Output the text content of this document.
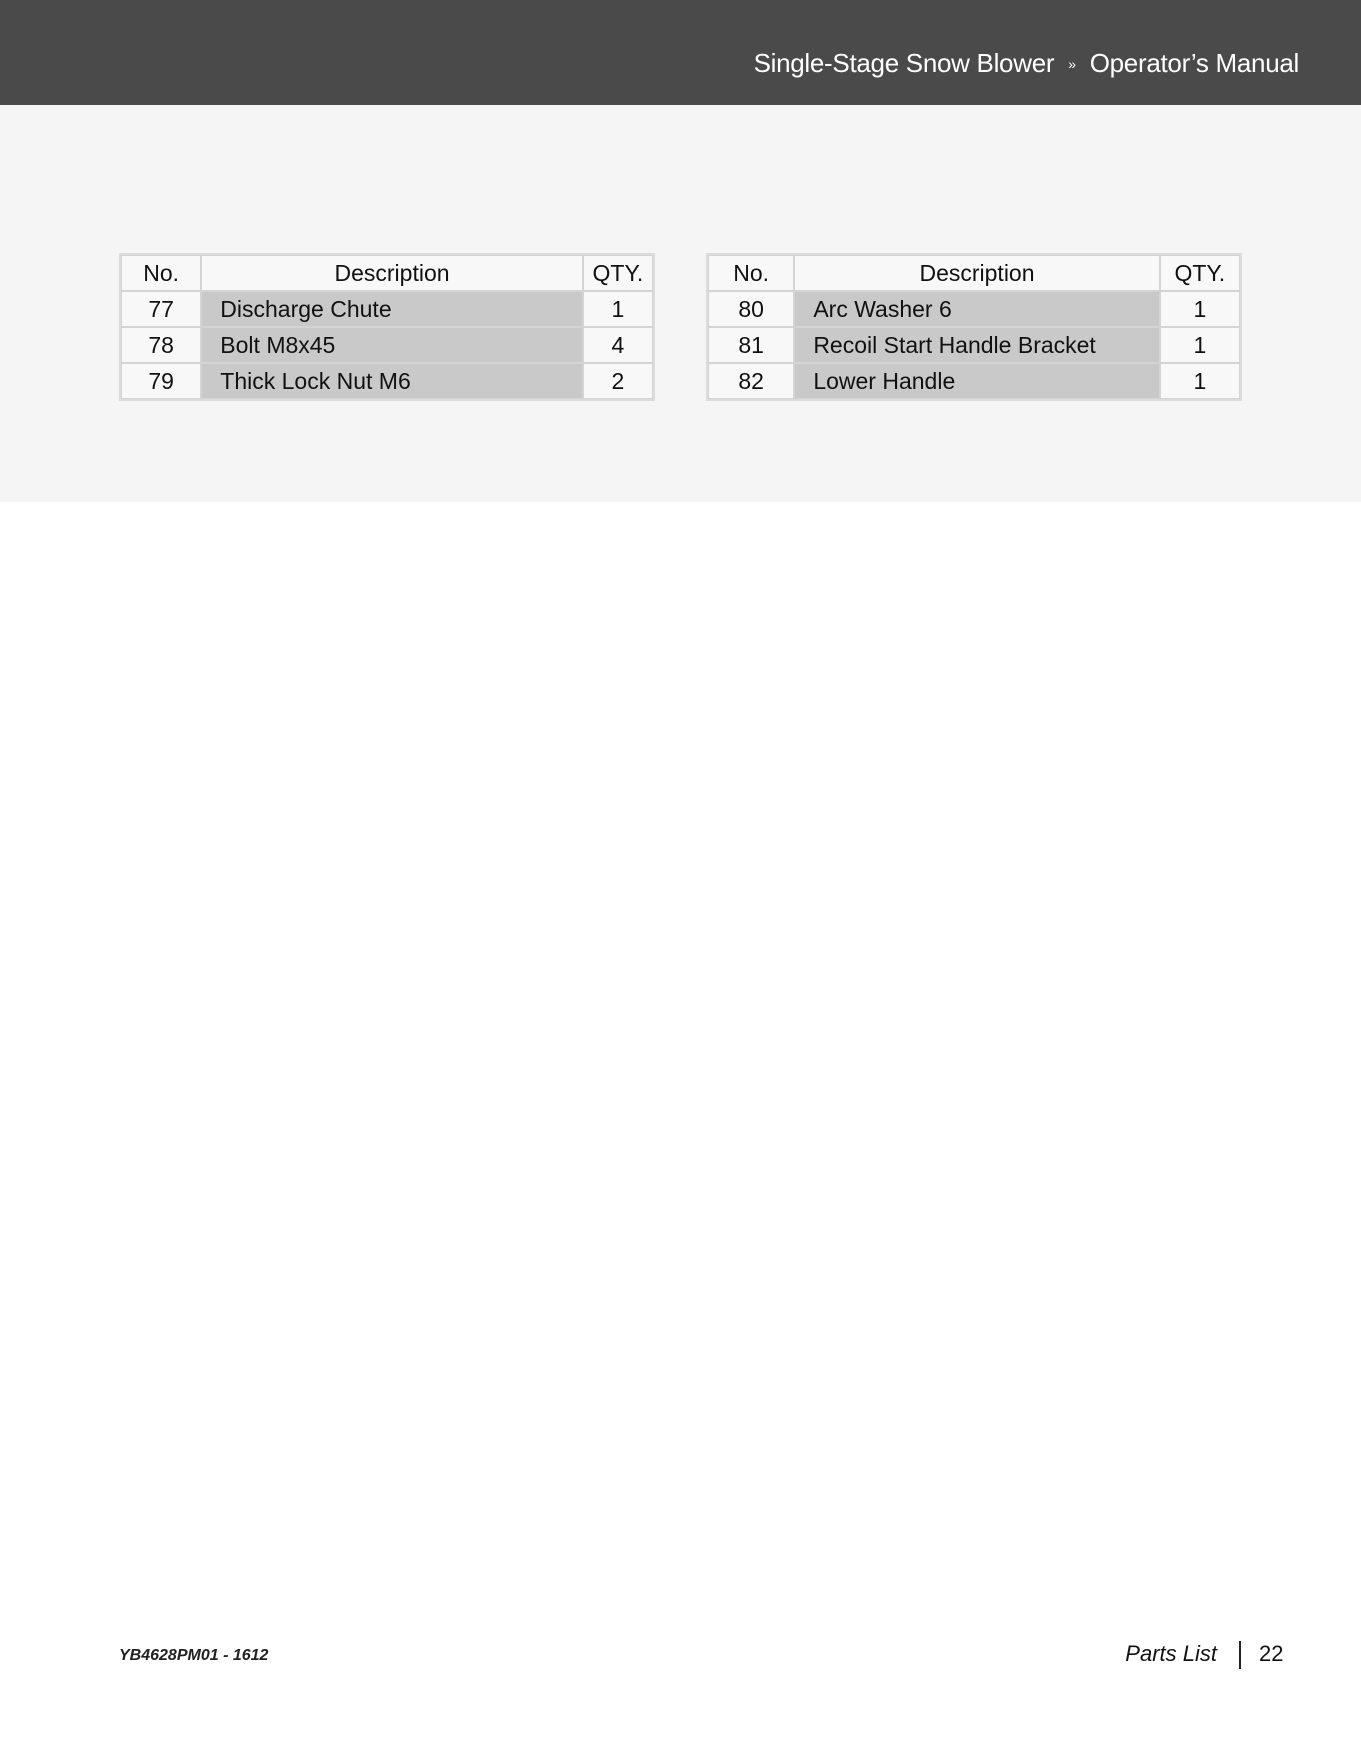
Single-Stage Snow Blower » Operator’s Manual
No.	Description	QTY.
77	Discharge Chute	1
78	Bolt M8x45	4
79	Thick Lock Nut M6	2
No.	Description	QTY.
80	Arc Washer 6	1
81	Recoil Start Handle Bracket	1
82	Lower Handle	1
YB4628PM01 - 1612	Parts List 22
